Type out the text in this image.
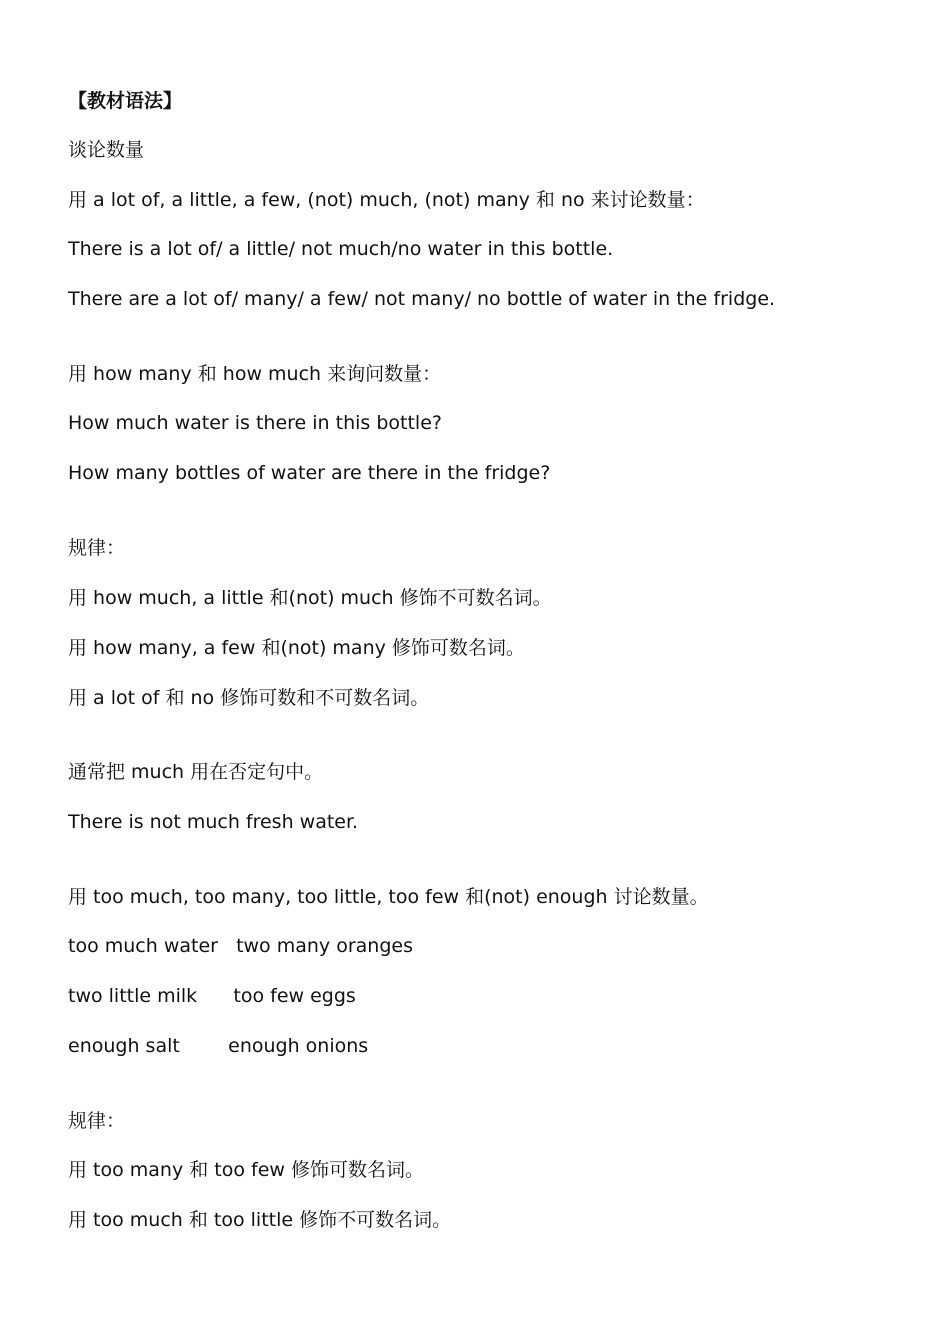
【教材语法】
谈论数量
用 a lot of, a little, a few, (not) much, (not) many 和 no 来讨论数量：
There is a lot of/ a little/ not much/no water in this bottle.
There are a lot of/ many/ a few/ not many/ no bottle of water in the fridge.
用 how many 和 how much 来询问数量：
How much water is there in this bottle?
How many bottles of water are there in the fridge?
规律：
用 how much, a little 和(not) much 修饰不可数名词。
用 how many, a few 和(not) many 修饰可数名词。
用 a lot of 和 no 修饰可数和不可数名词。
通常把 much 用在否定句中。
There is not much fresh water.
用 too much, too many, too little, too few 和(not) enough 讨论数量。
too much water   two many oranges
two little milk      too few eggs
enough salt        enough onions
规律：
用 too many 和 too few 修饰可数名词。
用 too much 和 too little 修饰不可数名词。
